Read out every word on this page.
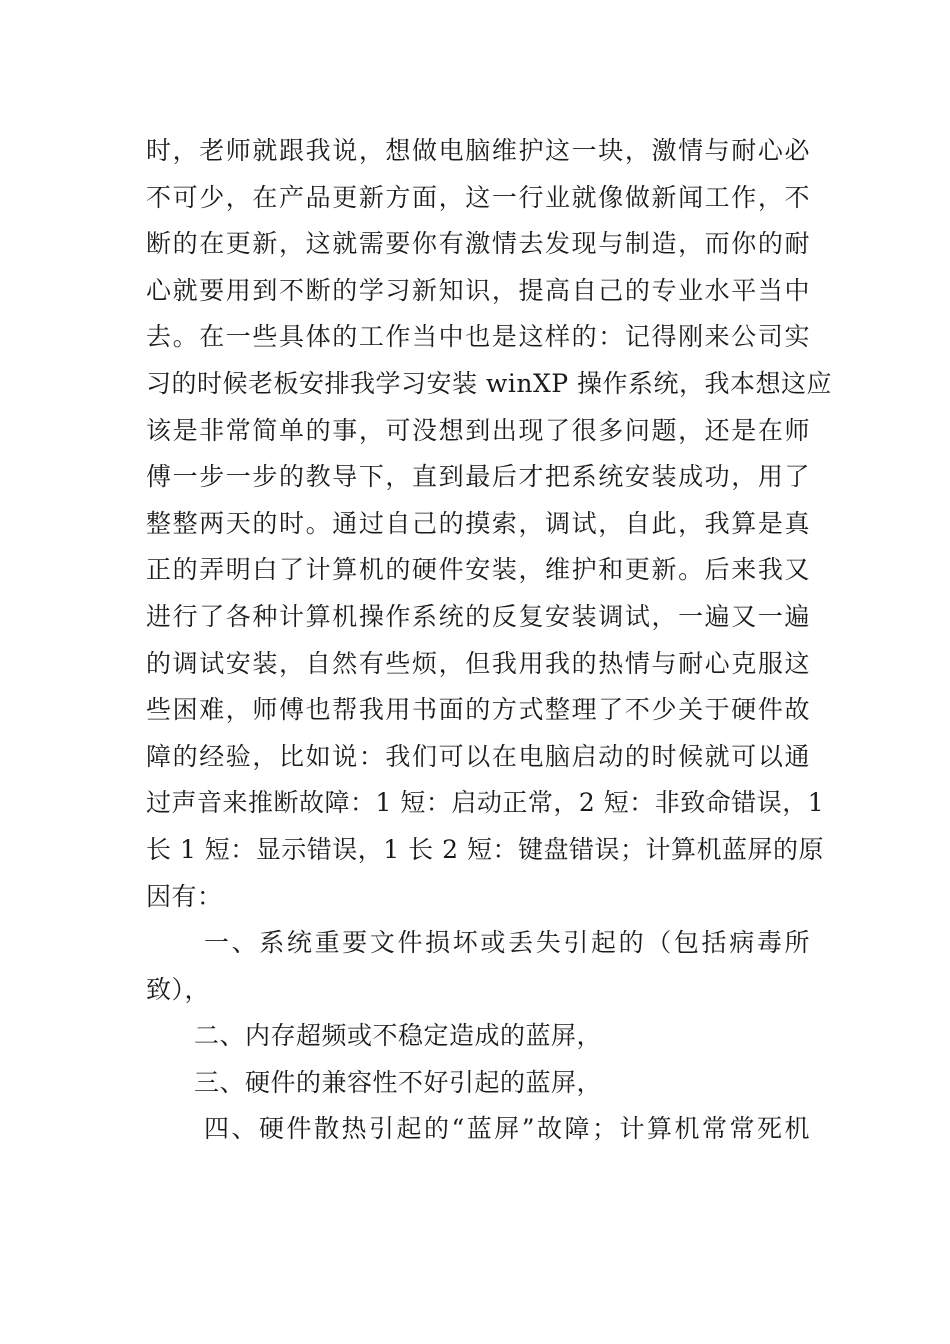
时，老师就跟我说，想做电脑维护这一块，激情与耐心必
不可少，在产品更新方面，这一行业就像做新闻工作，不
断的在更新，这就需要你有激情去发现与制造，而你的耐
心就要用到不断的学习新知识，提高自己的专业水平当中
去。在一些具体的工作当中也是这样的：记得刚来公司实
习的时候老板安排我学习安装 winXP 操作系统，我本想这应
该是非常简单的事，可没想到出现了很多问题，还是在师
傅一步一步的教导下，直到最后才把系统安装成功，用了
整整两天的时。通过自己的摸索，调试，自此，我算是真
正的弄明白了计算机的硬件安装，维护和更新。后来我又
进行了各种计算机操作系统的反复安装调试，一遍又一遍
的调试安装，自然有些烦，但我用我的热情与耐心克服这
些困难，师傅也帮我用书面的方式整理了不少关于硬件故
障的经验，比如说：我们可以在电脑启动的时候就可以通
过声音来推断故障：1 短：启动正常，2 短：非致命错误，1
长 1 短：显示错误，1 长 2 短：键盘错误；计算机蓝屏的原
因有：
一、系统重要文件损坏或丢失引起的（包括病毒所
致），
二、内存超频或不稳定造成的蓝屏，
三、硬件的兼容性不好引起的蓝屏，
四、硬件散热引起的“蓝屏”故障；计算机常常死机
